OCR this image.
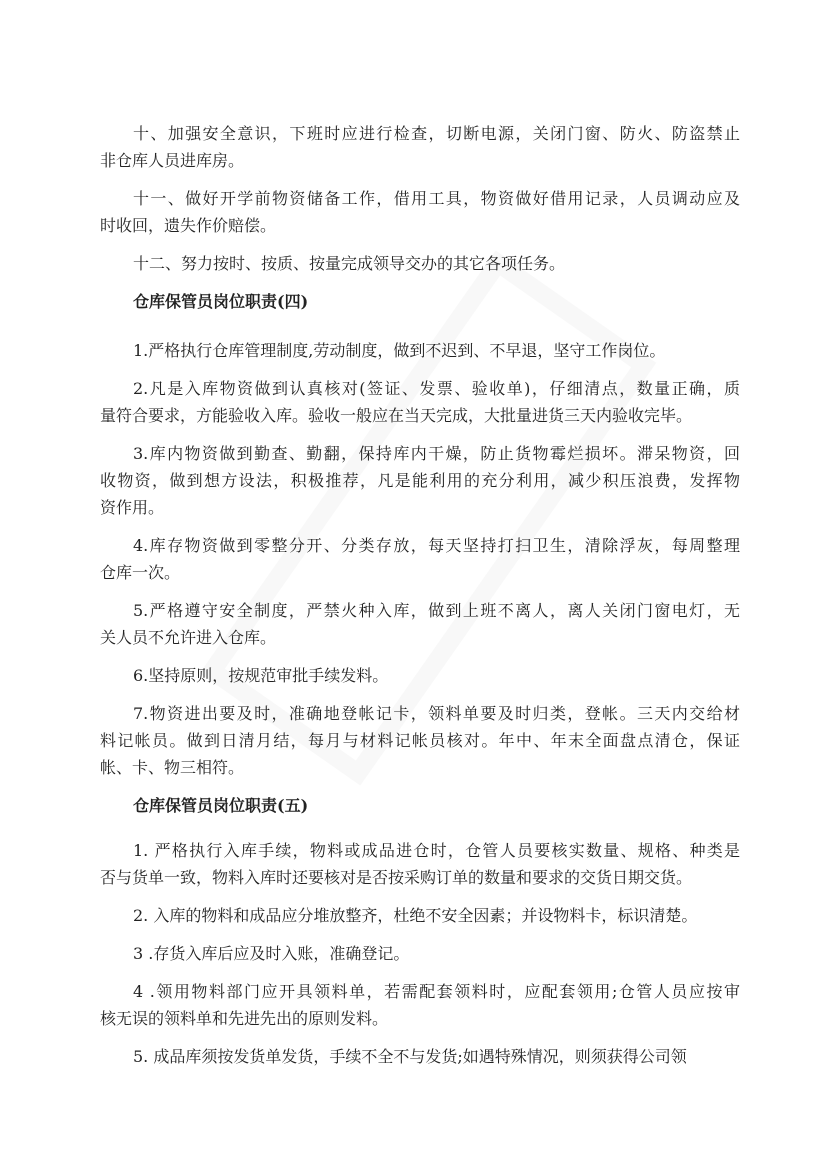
十、加强安全意识，下班时应进行检查，切断电源，关闭门窗、防火、防盗禁止
非仓库人员进库房。
十一、做好开学前物资储备工作，借用工具，物资做好借用记录，人员调动应及
时收回，遗失作价赔偿。
十二、努力按时、按质、按量完成领导交办的其它各项任务。
仓库保管员岗位职责(四)
1.严格执行仓库管理制度,劳动制度，做到不迟到、不早退，坚守工作岗位。
2.凡是入库物资做到认真核对(签证、发票、验收单)，仔细清点，数量正确，质
量符合要求，方能验收入库。验收一般应在当天完成，大批量进货三天内验收完毕。
3.库内物资做到勤查、勤翻，保持库内干燥，防止货物霉烂损坏。滞呆物资，回
收物资，做到想方设法，积极推荐，凡是能利用的充分利用，减少积压浪费，发挥物
资作用。
4.库存物资做到零整分开、分类存放，每天坚持打扫卫生，清除浮灰，每周整理
仓库一次。
5.严格遵守安全制度，严禁火种入库，做到上班不离人，离人关闭门窗电灯，无
关人员不允许进入仓库。
6.坚持原则，按规范审批手续发料。
7.物资进出要及时，准确地登帐记卡，领料单要及时归类，登帐。三天内交给材
料记帐员。做到日清月结，每月与材料记帐员核对。年中、年末全面盘点清仓，保证
帐、卡、物三相符。
仓库保管员岗位职责(五)
1. 严格执行入库手续，物料或成品进仓时，仓管人员要核实数量、规格、种类是
否与货单一致，物料入库时还要核对是否按采购订单的数量和要求的交货日期交货。
2. 入库的物料和成品应分堆放整齐，杜绝不安全因素；并设物料卡，标识清楚。
3 .存货入库后应及时入账，准确登记。
4 .领用物料部门应开具领料单，若需配套领料时，应配套领用;仓管人员应按审
核无误的领料单和先进先出的原则发料。
5. 成品库须按发货单发货，手续不全不与发货;如遇特殊情况，则须获得公司领
